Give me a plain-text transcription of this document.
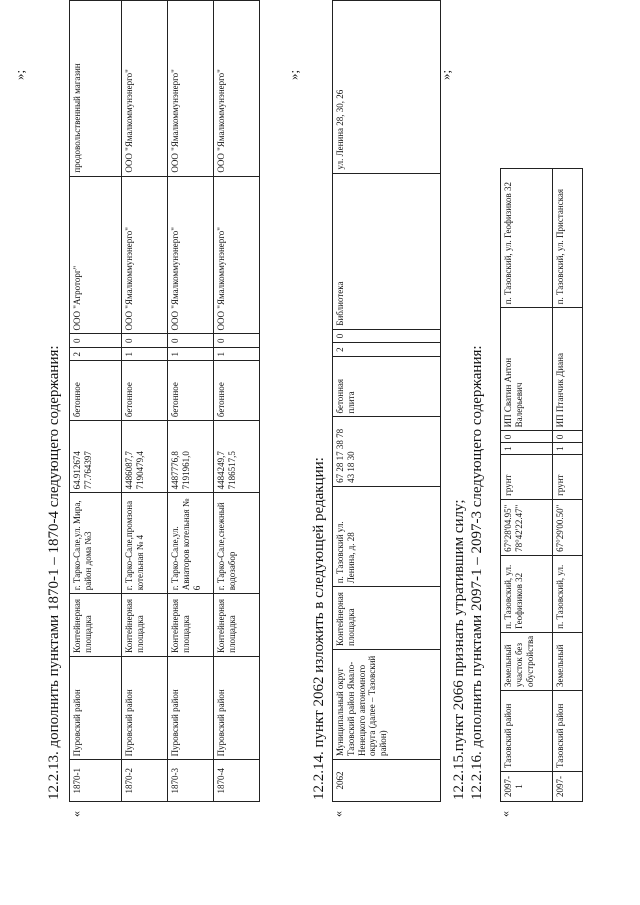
12.2.13. дополнить пунктами 1870-1 – 1870-4 следующего содержания:
«
1870-1	Пуровский район	Контейнерная площадка	г. Тарко-Сале,ул. Мира, район дома №3	64.912674 77.764397	бетонное	2	0	ООО "Агроторг"	продовольственный магазин
1870-2	Пуровский район	Контейнерная площадка	г. Тарко-Сале,промзона котельная № 4	4486087,7 7190479,4	бетонное	1	0	ООО "Ямалкоммунэнерго"	ООО "Ямалкоммунэнерго"
1870-3	Пуровский район	Контейнерная площадка	г. Тарко-Сале,ул. Авиаторов котельная № 6	4487776,8 7191961,0	бетонное	1	0	ООО "Ямалкоммунэнерго"	ООО "Ямалкоммунэнерго"
1870-4	Пуровский район	Контейнерная площадка	г. Тарко-Сале,снежный водозабор	4484249,7 7186517,5	бетонное	1	0	ООО "Ямалкоммунэнерго"	ООО "Ямалкоммунэнерго"
»;
12.2.14. пункт 2062 изложить в следующей редакции:
«
2062	Муниципальный округ Тазовский район Ямало-Ненецкого автономного округа (далее – Тазовский район)	Контейнерная площадка	п. Тазовский ул. Ленина, д. 28	67 28 17 38 78 43 18 30	бетонная плита	2	0	Библиотека	ул. Ленина 28, 30, 26
»;
12.2.15.пункт 2066 признать утратившим силу; 12.2.16. дополнить пунктами 2097-1 – 2097-3 следующего содержания:
«
»;
2097-1	Тазовский район	Земельный участок без обустройства	п. Тазовский, ул. Геофизиков 32	67°28'04.95" 78°42'22.47"	грунт	1	0	ИП Сватин Антон Валерьевич	п. Тазовский, ул. Геофизиков 32
2097-	Тазовский район	Земельный	п. Тазовский, ул.	67°29'00.50"	грунт	1	0	ИП Птанчик Диана	п. Тазовский, ул. Пристанская
